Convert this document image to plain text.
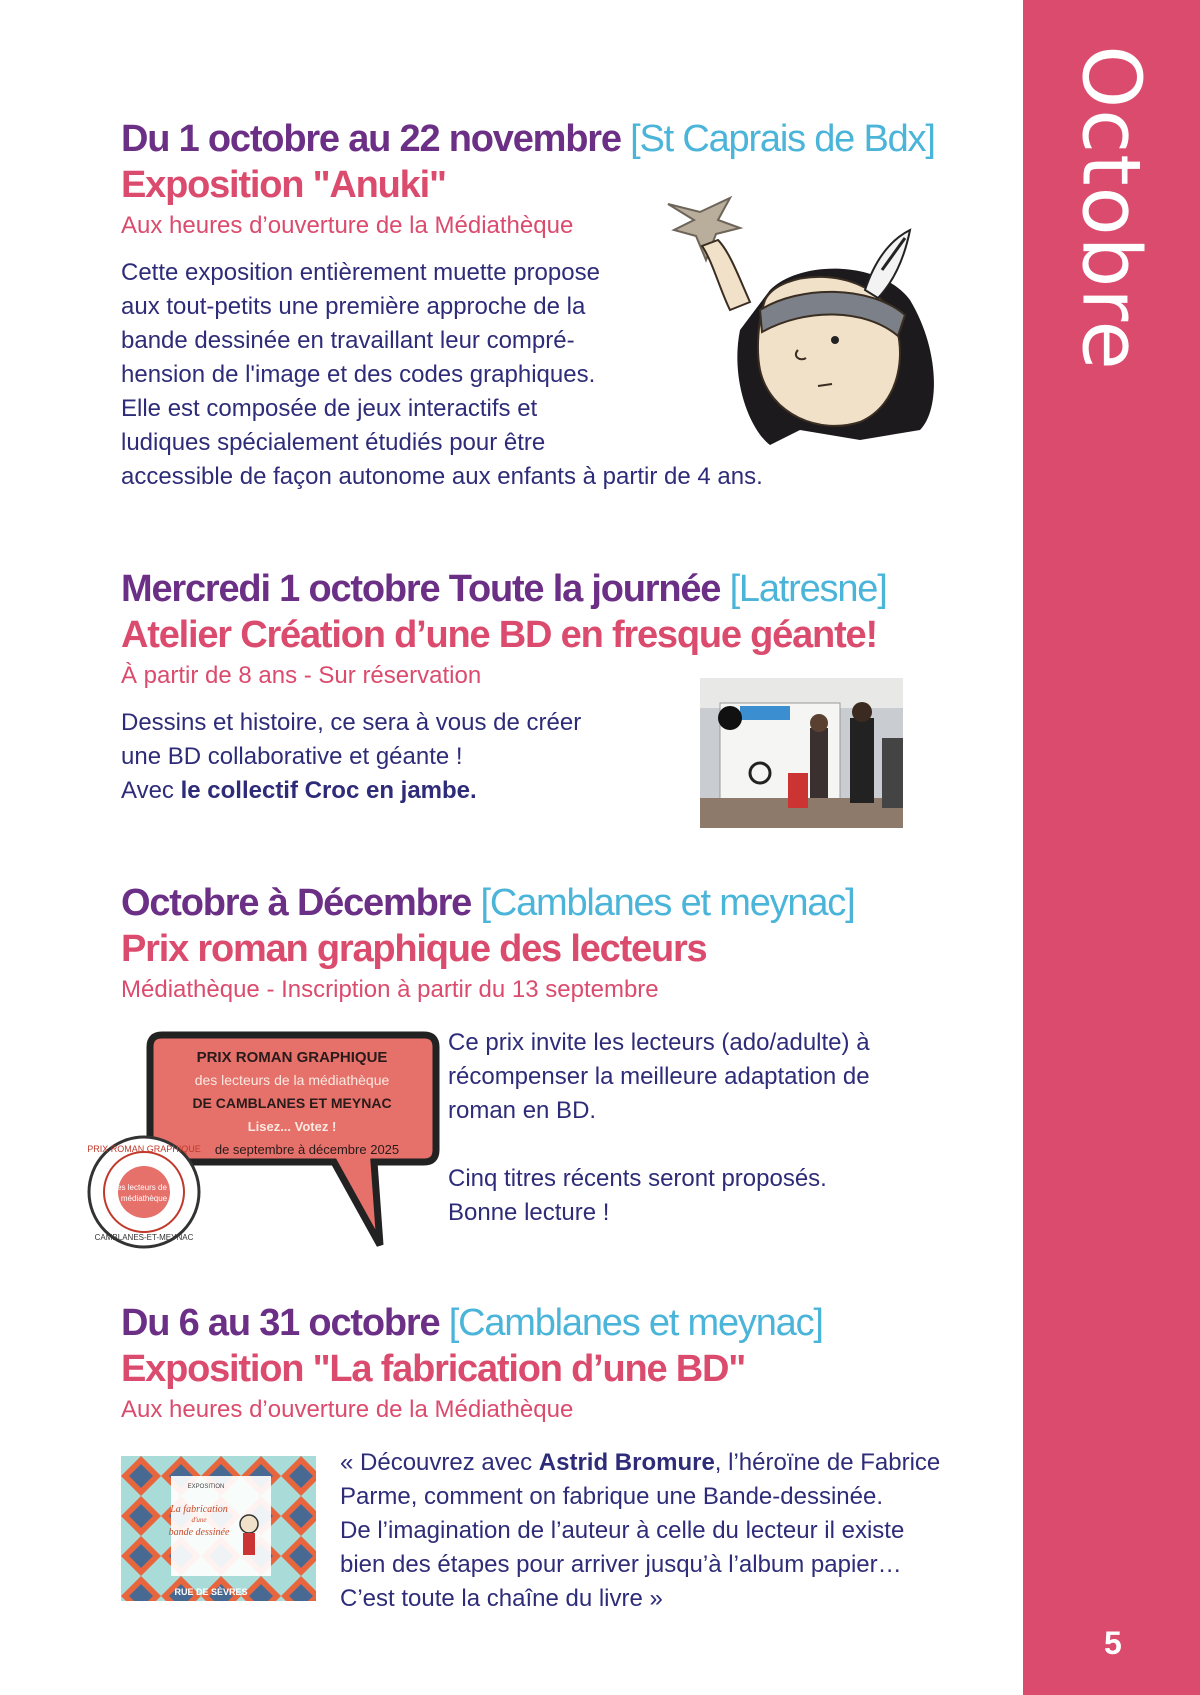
Octobre
5
Du 1 octobre au 22 novembre [St Caprais de Bdx]
Exposition "Anuki"
Aux heures d’ouverture de la Médiathèque
Cette exposition entièrement muette propose
aux tout-petits une première approche de la
bande dessinée en travaillant leur compré-
hension de l'image et des codes graphiques.
Elle est composée de jeux interactifs et
ludiques spécialement étudiés pour être
accessible de façon autonome aux enfants à partir de 4 ans.
Mercredi 1 octobre Toute la journée [Latresne]
Atelier Création d’une BD en fresque géante!
À partir de 8 ans - Sur réservation
Dessins et histoire, ce sera à vous de créer
une BD collaborative et géante !
Avec le collectif Croc en jambe.
Octobre à Décembre [Camblanes et meynac]
Prix roman graphique des lecteurs
Médiathèque - Inscription à partir du 13 septembre
Ce prix invite les lecteurs (ado/adulte) à
récompenser la meilleure adaptation de
roman en BD.
Cinq titres récents seront proposés.
Bonne lecture !
PRIX ROMAN GRAPHIQUE
des lecteurs de la médiathèque
DE CAMBLANES ET MEYNAC
Lisez... Votez !
de septembre à décembre 2025
PRIX ROMAN GRAPHIQUE
des lecteurs de la
médiathèque
CAMBLANES-ET-MEYNAC
Du 6 au 31 octobre [Camblanes et meynac]
Exposition "La fabrication d’une BD"
Aux heures d’ouverture de la Médiathèque
« Découvrez avec Astrid Bromure, l’héroïne de Fabrice
Parme, comment on fabrique une Bande-dessinée.
De l’imagination de l’auteur à celle du lecteur il existe
bien des étapes pour arriver jusqu’à l’album papier…
C’est toute la chaîne du livre »
EXPOSITION
La fabrication
d'une
bande dessinée
RUE DE SÈVRES
